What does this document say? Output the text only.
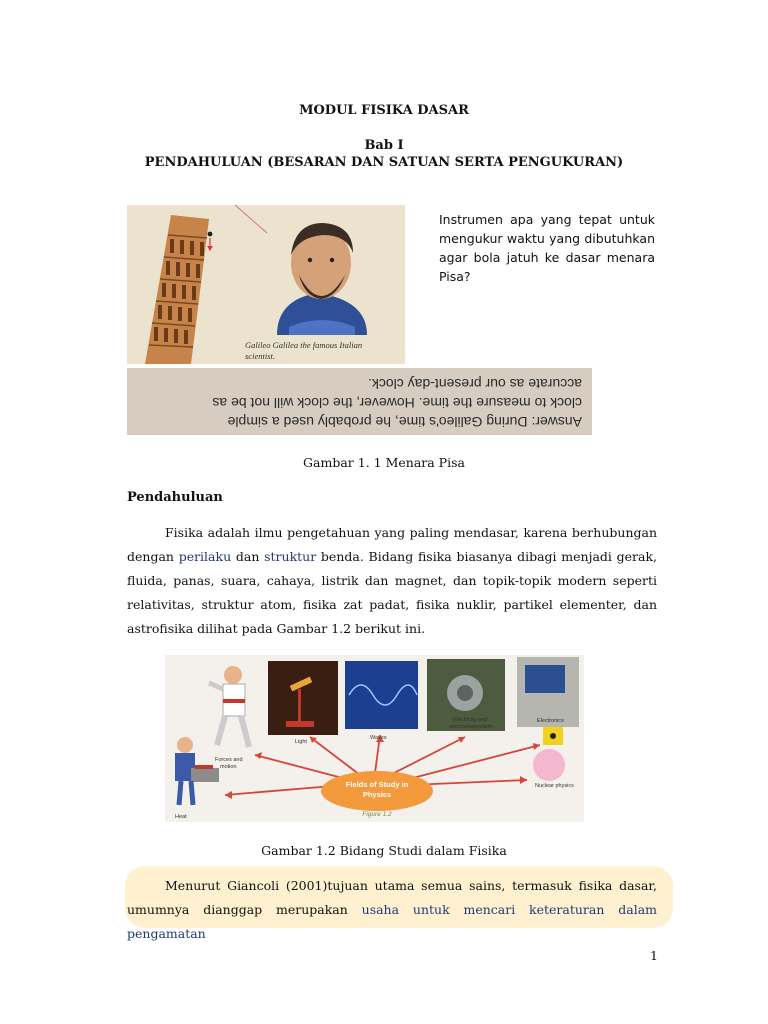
MODUL FISIKA DASAR
Bab I
PENDAHULUAN (BESARAN DAN SATUAN SERTA PENGUKURAN)
Galileo Galilea the famous Italian
scientist.
Answer: During Galileo's time, he probably used a simple
clock to measure the time. However, the clock will not be as
accurate as our present-day clock.
Instrumen apa yang tepat untuk mengukur waktu yang dibutuhkan agar bola jatuh ke dasar menara Pisa?
Gambar 1. 1 Menara Pisa
Pendahuluan
Fisika adalah ilmu pengetahuan yang paling mendasar, karena berhubungan dengan perilaku dan struktur benda. Bidang fisika biasanya dibagi menjadi gerak, fluida, panas, suara, cahaya, listrik dan magnet, dan topik-topik modern seperti relativitas, struktur atom, fisika zat padat, fisika nuklir, partikel elementer, dan astrofisika dilihat pada Gambar 1.2 berikut ini.
Fields of Study in
Physics
Figure 1.2
Light
Waves
Electricity and
electromagnetism
Electronics
Forces and
motion
Heat
Nuclear physics
Gambar 1.2 Bidang Studi dalam Fisika
Menurut Giancoli (2001)tujuan utama semua sains, termasuk fisika dasar, umumnya dianggap merupakan usaha untuk mencari keteraturan dalam pengamatan
1
